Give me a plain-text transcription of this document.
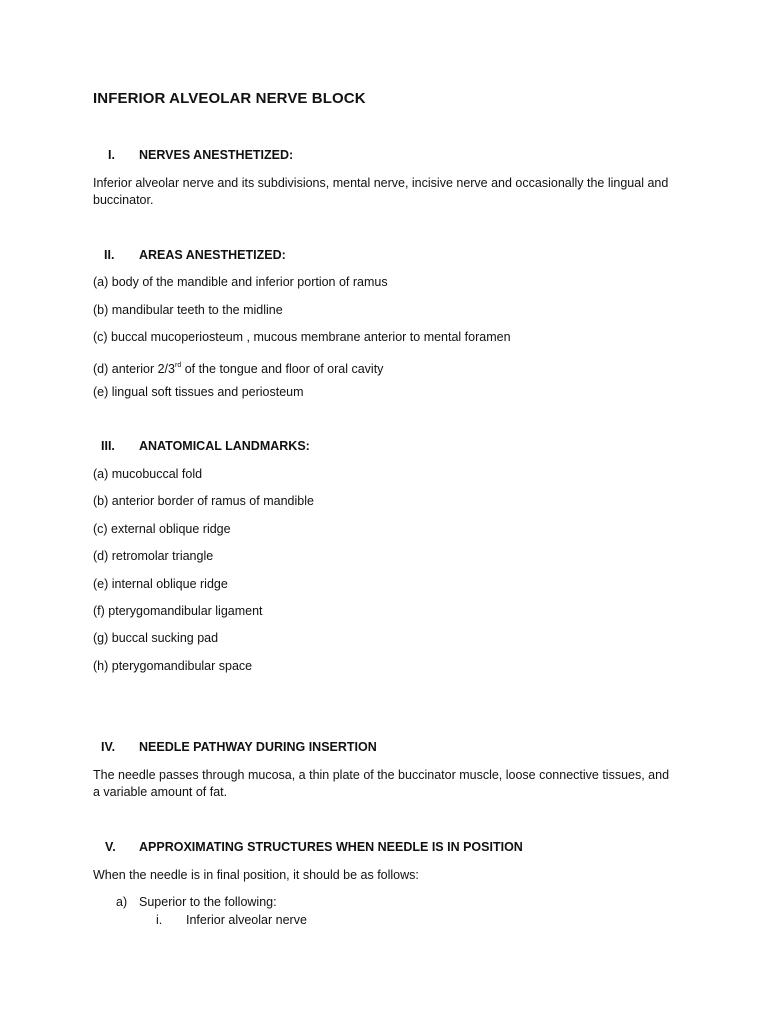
INFERIOR ALVEOLAR NERVE BLOCK
I. NERVES ANESTHETIZED:
Inferior alveolar nerve and its subdivisions, mental nerve, incisive nerve and occasionally the lingual and buccinator.
II. AREAS ANESTHETIZED:
(a) body of the mandible and inferior portion of ramus
(b) mandibular teeth to the midline
(c) buccal mucoperiosteum , mucous membrane anterior to mental foramen
(d) anterior 2/3rd of the tongue and floor of oral cavity
(e) lingual soft tissues and periosteum
III. ANATOMICAL LANDMARKS:
(a) mucobuccal fold
(b) anterior border of ramus of mandible
(c) external oblique ridge
(d) retromolar triangle
(e) internal oblique ridge
(f) pterygomandibular ligament
(g) buccal sucking pad
(h) pterygomandibular space
IV. NEEDLE PATHWAY DURING INSERTION
The needle passes through mucosa, a thin plate of the buccinator muscle, loose connective tissues, and a variable amount of fat.
V. APPROXIMATING STRUCTURES WHEN NEEDLE IS IN POSITION
When the needle is in final position, it should be as follows:
a) Superior to the following:
i. Inferior alveolar nerve
